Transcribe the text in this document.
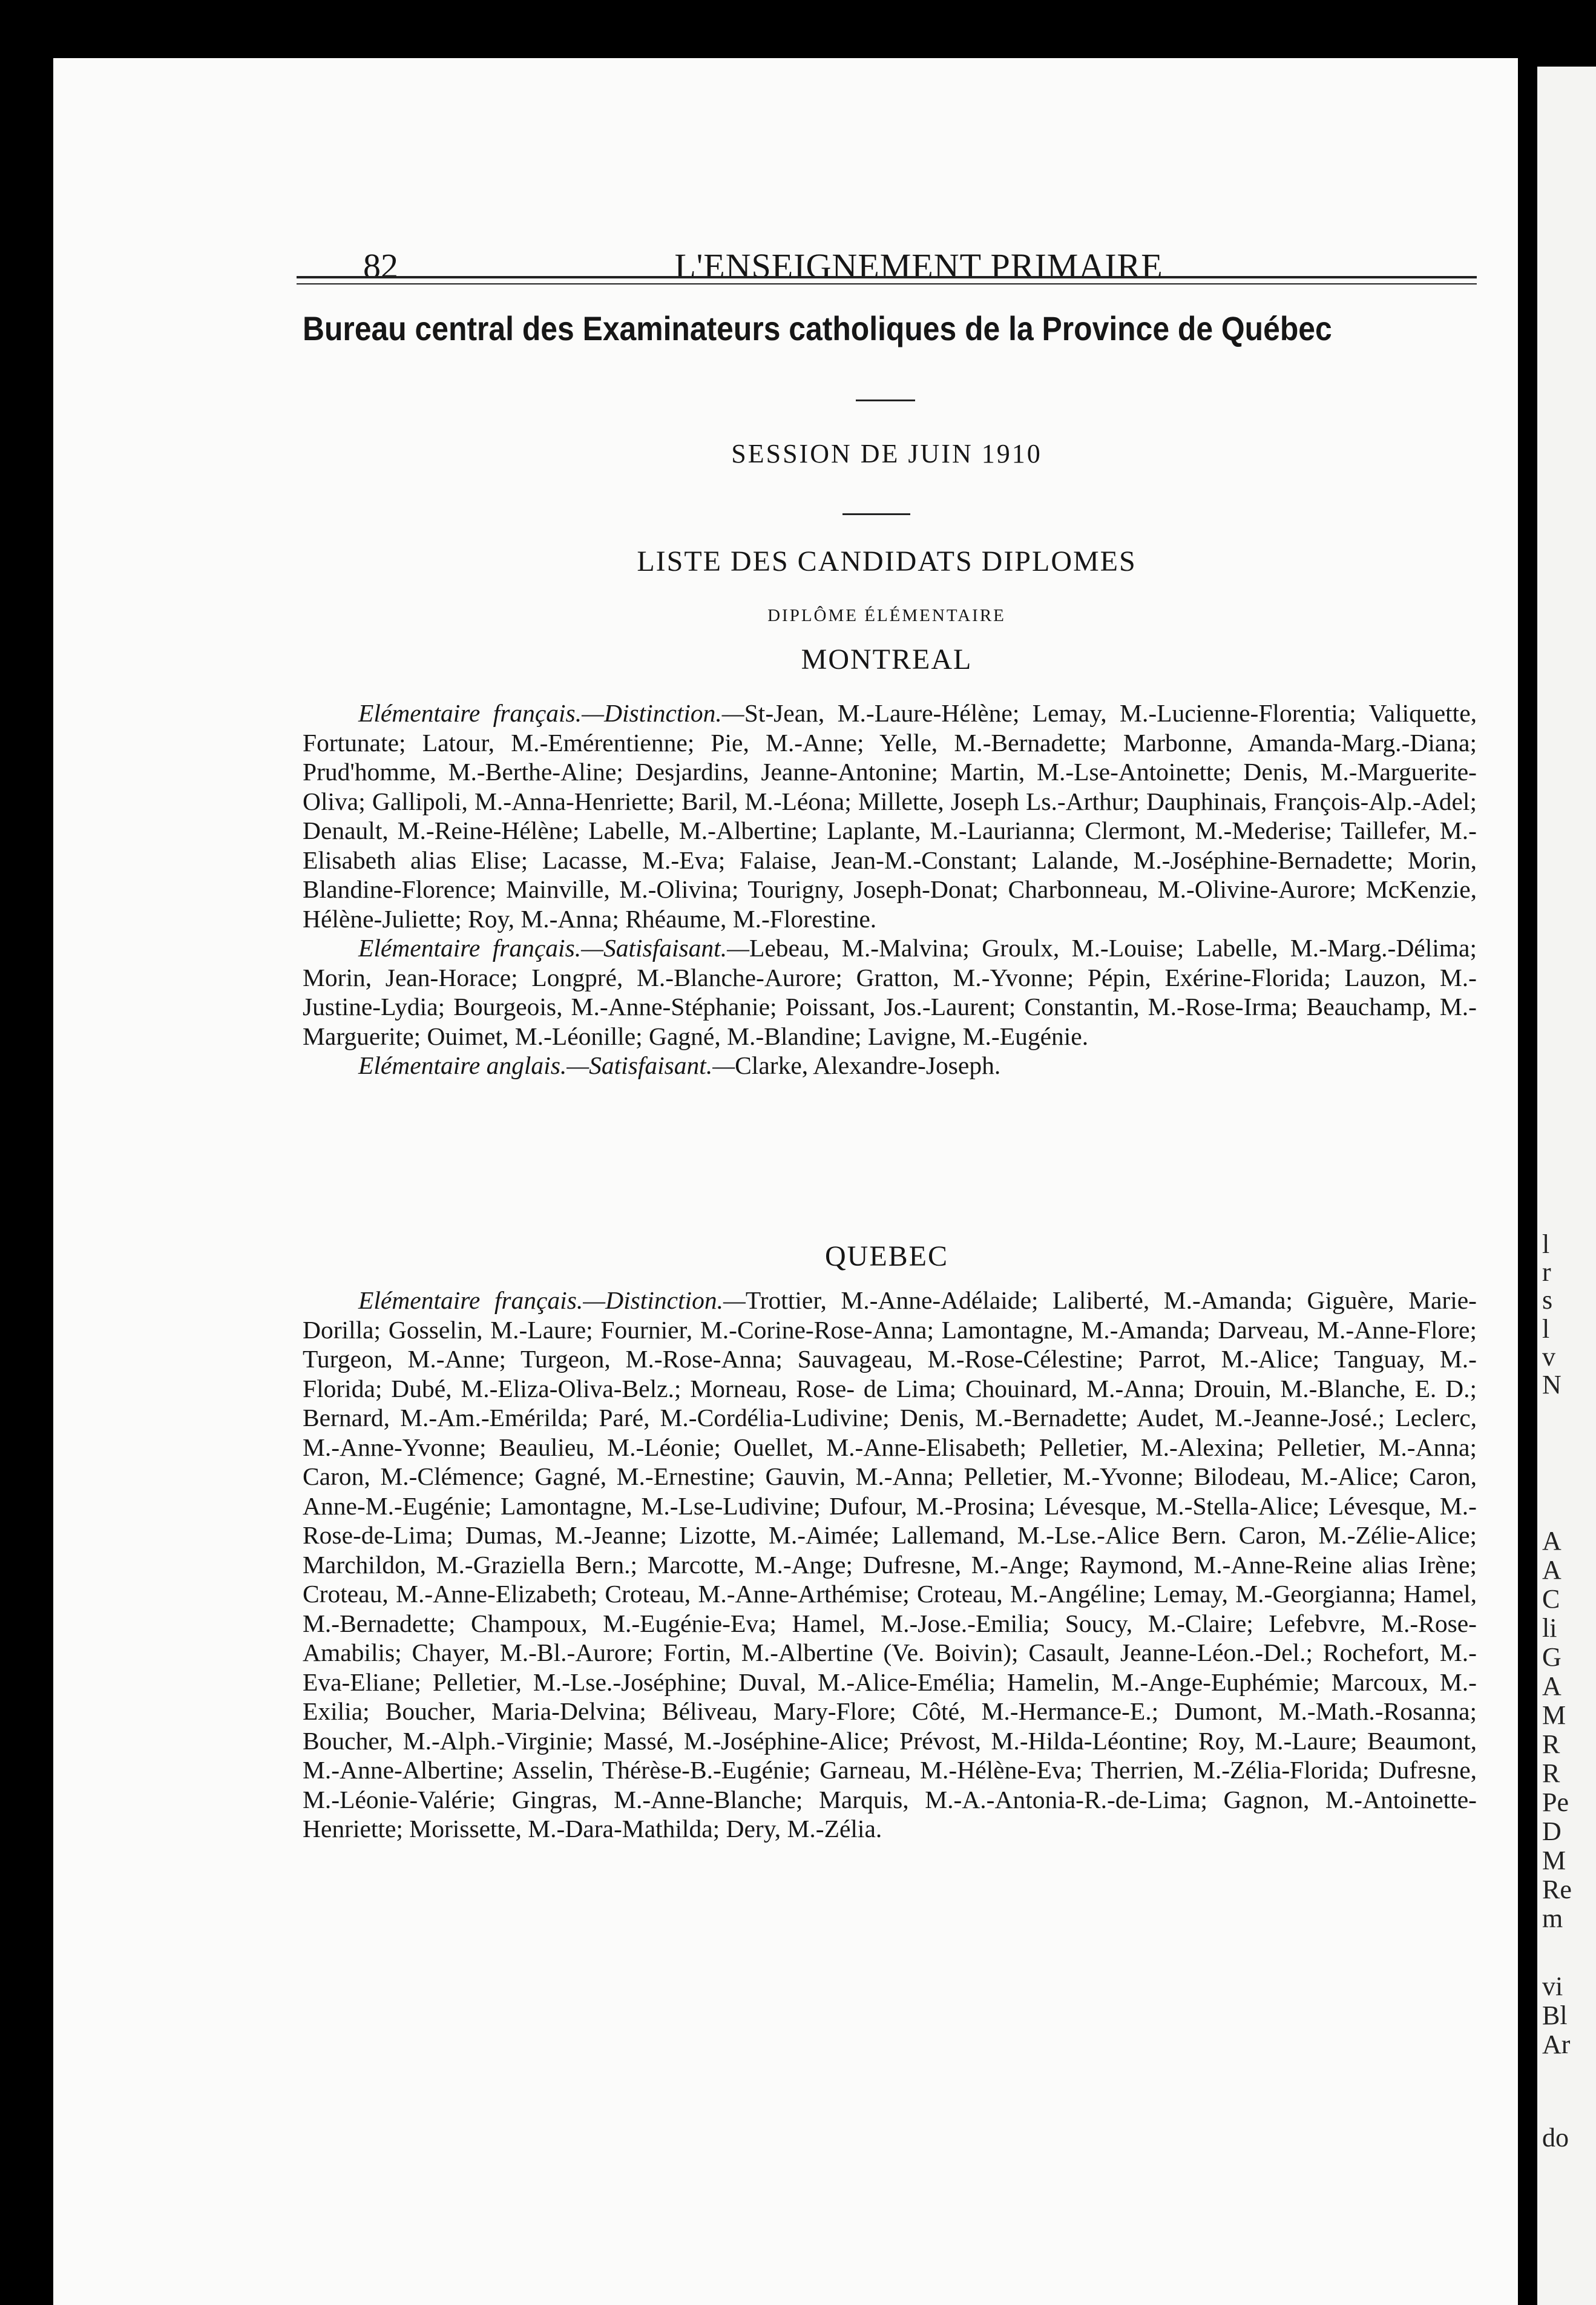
82	L'ENSEIGNEMENT PRIMAIRE
Bureau central des Examinateurs catholiques de la Province de Québec
SESSION DE JUIN 1910
LISTE DES CANDIDATS DIPLOMES
DIPLÔME ÉLÉMENTAIRE
MONTREAL

Elémentaire français.—Distinction.—St-Jean, M.-Laure-Hélène; Lemay, M.-Lucienne-Florentia; Valiquette, Fortunate; Latour, M.-Emérentienne; Pie, M.-Anne; Yelle, M.-Bernadette; Marbonne, Amanda-Marg.-Diana; Prud'homme, M.-Berthe-Aline; Desjardins, Jeanne-Antonine; Martin, M.-Lse-Antoinette; Denis, M.-Marguerite-Oliva; Gallipoli, M.-Anna-Henriette; Baril, M.-Léona; Millette, Joseph Ls.-Arthur; Dauphinais, François-Alp.-Adel; Denault, M.-Reine-Hélène; Labelle, M.-Albertine; Laplante, M.-Laurianna; Clermont, M.-Mederise; Taillefer, M.-Elisabeth alias Elise; Lacasse, M.-Eva; Falaise, Jean-M.-Constant; Lalande, M.-Joséphine-Bernadette; Morin, Blandine-Florence; Mainville, M.-Olivina; Tourigny, Joseph-Donat; Charbonneau, M.-Olivine-Aurore; McKenzie, Hélène-Juliette; Roy, M.-Anna; Rhéaume, M.-Florestine.

Elémentaire français.—Satisfaisant.—Lebeau, M.-Malvina; Groulx, M.-Louise; Labelle, M.-Marg.-Délima; Morin, Jean-Horace; Longpré, M.-Blanche-Aurore; Gratton, M.-Yvonne; Pépin, Exérine-Florida; Lauzon, M.-Justine-Lydia; Bourgeois, M.-Anne-Stéphanie; Poissant, Jos.-Laurent; Constantin, M.-Rose-Irma; Beauchamp, M.-Marguerite; Ouimet, M.-Léonille; Gagné, M.-Blandine; Lavigne, M.-Eugénie.

Elémentaire anglais.—Satisfaisant.—Clarke, Alexandre-Joseph.

QUEBEC

Elémentaire français.—Distinction.—Trottier, M.-Anne-Adélaide; Laliberté, M.-Amanda; Giguère, Marie-Dorilla; Gosselin, M.-Laure; Fournier, M.-Corine-Rose-Anna; Lamontagne, M.-Amanda; Darveau, M.-Anne-Flore; Turgeon, M.-Anne; Turgeon, M.-Rose-Anna; Sauvageau, M.-Rose-Célestine; Parrot, M.-Alice; Tanguay, M.-Florida; Dubé, M.-Eliza-Oliva-Belz.; Morneau, Rose- de Lima; Chouinard, M.-Anna; Drouin, M.-Blanche, E. D.; Bernard, M.-Am.-Emérilda; Paré, M.-Cordélia-Ludivine; Denis, M.-Bernadette; Audet, M.-Jeanne-José.; Leclerc, M.-Anne-Yvonne; Beaulieu, M.-Léonie; Ouellet, M.-Anne-Elisabeth; Pelletier, M.-Alexina; Pelletier, M.-Anna; Caron, M.-Clémence; Gagné, M.-Ernestine; Gauvin, M.-Anna; Pelletier, M.-Yvonne; Bilodeau, M.-Alice; Caron, Anne-M.-Eugénie; Lamontagne, M.-Lse-Ludivine; Dufour, M.-Prosina; Lévesque, M.-Stella-Alice; Lévesque, M.-Rose-de-Lima; Dumas, M.-Jeanne; Lizotte, M.-Aimée; Lallemand, M.-Lse.-Alice Bern. Caron, M.-Zélie-Alice; Marchildon, M.-Graziella Bern.; Marcotte, M.-Ange; Dufresne, M.-Ange; Raymond, M.-Anne-Reine alias Irène; Croteau, M.-Anne-Elizabeth; Croteau, M.-Anne-Arthémise; Croteau, M.-Angéline; Lemay, M.-Georgianna; Hamel, M.-Bernadette; Champoux, M.-Eugénie-Eva; Hamel, M.-Jose.-Emilia; Soucy, M.-Claire; Lefebvre, M.-Rose-Amabilis; Chayer, M.-Bl.-Aurore; Fortin, M.-Albertine (Ve. Boivin); Casault, Jeanne-Léon.-Del.; Rochefort, M.-Eva-Eliane; Pelletier, M.-Lse.-Joséphine; Duval, M.-Alice-Emélia; Hamelin, M.-Ange-Euphémie; Marcoux, M.-Exilia; Boucher, Maria-Delvina; Béliveau, Mary-Flore; Côté, M.-Hermance-E.; Dumont, M.-Math.-Rosanna; Boucher, M.-Alph.-Virginie; Massé, M.-Joséphine-Alice; Prévost, M.-Hilda-Léontine; Roy, M.-Laure; Beaumont, M.-Anne-Albertine; Asselin, Thérèse-B.-Eugénie; Garneau, M.-Hélène-Eva; Therrien, M.-Zélia-Florida; Dufresne, M.-Léonie-Valérie; Gingras, M.-Anne-Blanche; Marquis, M.-A.-Antonia-R.-de-Lima; Gagnon, M.-Antoinette-Henriette; Morissette, M.-Dara-Mathilda; Dery, M.-Zélia.

l
r
s
l
v
N
A
A
C
li
G
A
M
R
R
Pe
D
M
Re
m
vi
Bl
Ar
do
